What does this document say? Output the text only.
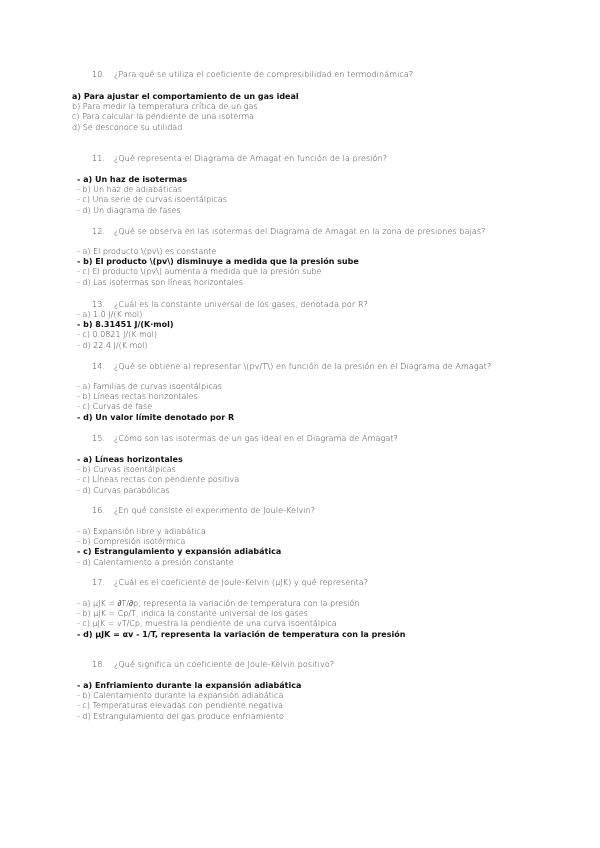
10. ¿Para qué se utiliza el coeficiente de compresibilidad en termodinámica?
a) Para ajustar el comportamiento de un gas ideal
b) Para medir la temperatura crítica de un gas
c) Para calcular la pendiente de una isoterma
d) Se desconoce su utilidad
11. ¿Qué representa el Diagrama de Amagat en función de la presión?
- a) Un haz de isotermas
- b) Un haz de adiabáticas
- c) Una serie de curvas isoentálpicas
- d) Un diagrama de fases
12. ¿Qué se observa en las isotermas del Diagrama de Amagat en la zona de presiones bajas?
- a) El producto \(pv\) es constante
- b) El producto \(pv\) disminuye a medida que la presión sube
- c) El producto \(pv\) aumenta a medida que la presión sube
- d) Las isotermas son líneas horizontales
13. ¿Cuál es la constante universal de los gases, denotada por R?
- a) 1.0 J/(K·mol)
- b) 8.31451 J/(K·mol)
- c) 0.0821 J/(K·mol)
- d) 22.4 J/(K·mol)
14. ¿Qué se obtiene al representar \(pv/T\) en función de la presión en el Diagrama de Amagat?
- a) Familias de curvas isoentálpicas
- b) Líneas rectas horizontales
- c) Curvas de fase
- d) Un valor límite denotado por R
15. ¿Cómo son las isotermas de un gas ideal en el Diagrama de Amagat?
- a) Líneas horizontales
- b) Curvas isoentálpicas
- c) Líneas rectas con pendiente positiva
- d) Curvas parabólicas
16. ¿En qué consiste el experimento de Joule-Kelvin?
- a) Expansión libre y adiabática
- b) Compresión isotérmica
- c) Estrangulamiento y expansión adiabática
- d) Calentamiento a presión constante
17. ¿Cuál es el coeficiente de Joule-Kelvin (μJK) y qué representa?
- a) μJK = ∂T/∂p, representa la variación de temperatura con la presión
- b) μJK = Cp/T, indica la constante universal de los gases
- c) μJK = vT/Cp, muestra la pendiente de una curva isoentálpica
- d) μJK = αv - 1/T, representa la variación de temperatura con la presión
18. ¿Qué significa un coeficiente de Joule-Kelvin positivo?
- a) Enfriamiento durante la expansión adiabática
- b) Calentamiento durante la expansión adiabática
- c) Temperaturas elevadas con pendiente negativa
- d) Estrangulamiento del gas produce enfriamiento
